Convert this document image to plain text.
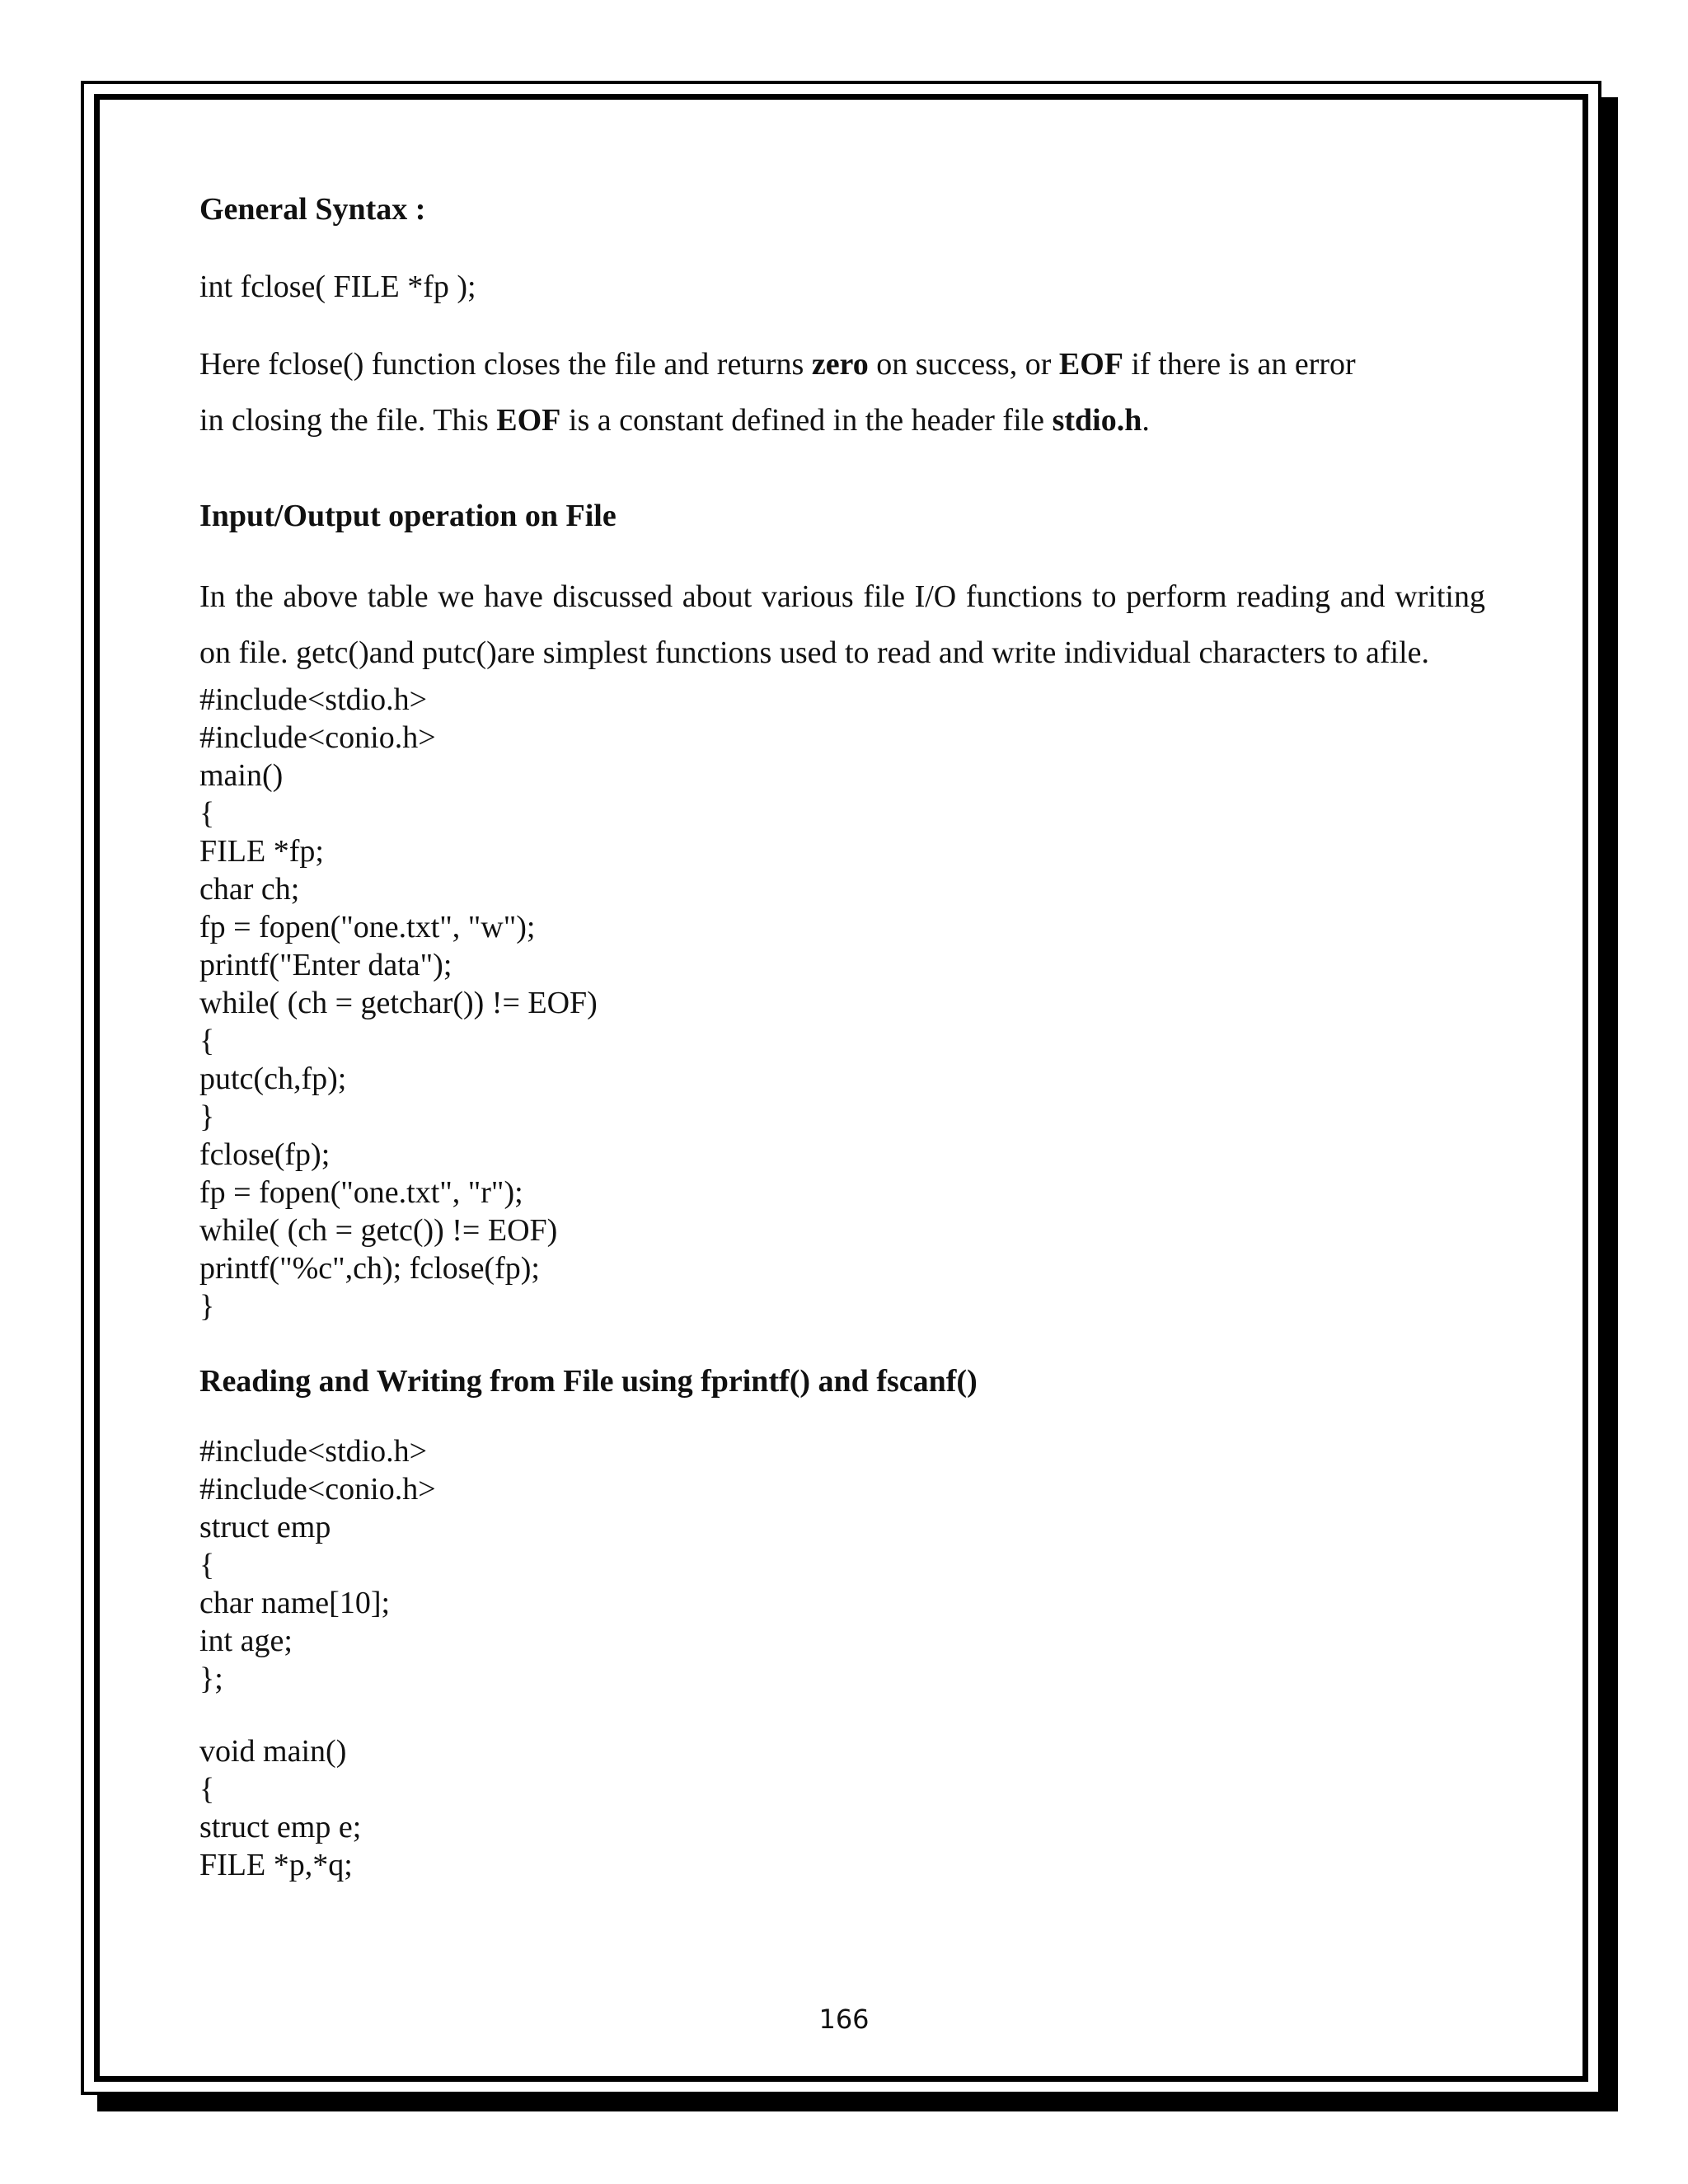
General Syntax :

int fclose( FILE *fp );

Here fclose() function closes the file and returns zero on success, or EOF if there is an error
in closing the file. This EOF is a constant defined in the header file stdio.h.

Input/Output operation on File

In the above table we have discussed about various file I/O functions to perform reading and writing on file. getc()and putc()are simplest functions used to read and write individual characters to afile.

#include<stdio.h>
#include<conio.h>
main()
{
FILE *fp;
char ch;
fp = fopen("one.txt", "w");
printf("Enter data");
while( (ch = getchar()) != EOF)
{
putc(ch,fp);
}
fclose(fp);
fp = fopen("one.txt", "r");
while( (ch = getc()) != EOF)
printf("%c",ch); fclose(fp);
}

Reading and Writing from File using fprintf() and fscanf()

#include<stdio.h>
#include<conio.h>
struct emp
{
char name[10];
int age;
};
void main()
{
struct emp e;
FILE *p,*q;
166
